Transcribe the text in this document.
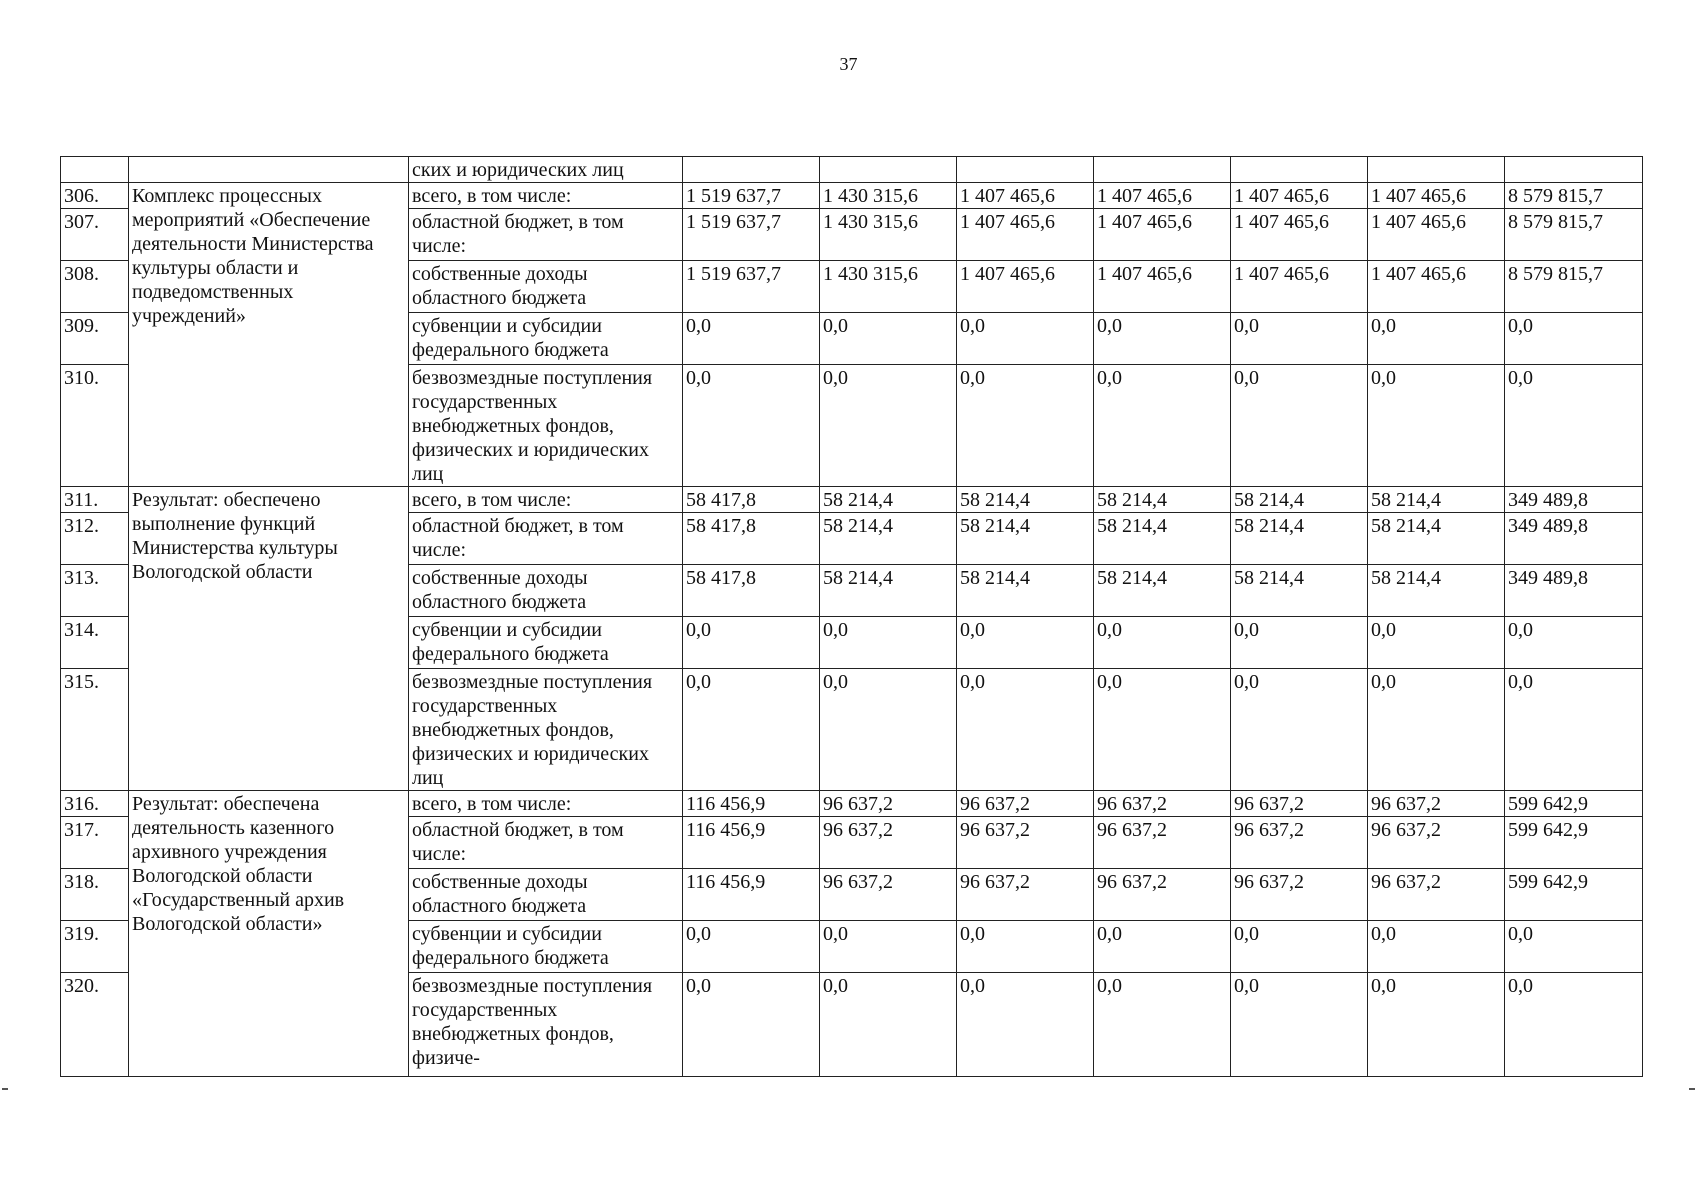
37
		ских и юридических лиц							
306.	Комплекс процессных мероприятий «Обеспечение деятельности Министерства культуры области и подведомственных учреждений»	всего, в том числе:	1 519 637,7	1 430 315,6	1 407 465,6	1 407 465,6	1 407 465,6	1 407 465,6	8 579 815,7
307.		областной бюджет, в том числе:	1 519 637,7	1 430 315,6	1 407 465,6	1 407 465,6	1 407 465,6	1 407 465,6	8 579 815,7
308.		собственные доходы областного бюджета	1 519 637,7	1 430 315,6	1 407 465,6	1 407 465,6	1 407 465,6	1 407 465,6	8 579 815,7
309.		субвенции и субсидии федерального бюджета	0,0	0,0	0,0	0,0	0,0	0,0	0,0
310.		безвозмездные поступления государственных внебюджетных фондов, физических и юридических лиц	0,0	0,0	0,0	0,0	0,0	0,0	0,0
311.	Результат: обеспечено выполнение функций Министерства культуры Вологодской области	всего, в том числе:	58 417,8	58 214,4	58 214,4	58 214,4	58 214,4	58 214,4	349 489,8
312.		областной бюджет, в том числе:	58 417,8	58 214,4	58 214,4	58 214,4	58 214,4	58 214,4	349 489,8
313.		собственные доходы областного бюджета	58 417,8	58 214,4	58 214,4	58 214,4	58 214,4	58 214,4	349 489,8
314.		субвенции и субсидии федерального бюджета	0,0	0,0	0,0	0,0	0,0	0,0	0,0
315.		безвозмездные поступления государственных внебюджетных фондов, физических и юридических лиц	0,0	0,0	0,0	0,0	0,0	0,0	0,0
316.	Результат: обеспечена деятельность казенного архивного учреждения Вологодской области «Государственный архив Вологодской области»	всего, в том числе:	116 456,9	96 637,2	96 637,2	96 637,2	96 637,2	96 637,2	599 642,9
317.		областной бюджет, в том числе:	116 456,9	96 637,2	96 637,2	96 637,2	96 637,2	96 637,2	599 642,9
318.		собственные доходы областного бюджета	116 456,9	96 637,2	96 637,2	96 637,2	96 637,2	96 637,2	599 642,9
319.		субвенции и субсидии федерального бюджета	0,0	0,0	0,0	0,0	0,0	0,0	0,0
320.		безвозмездные поступления государственных внебюджетных фондов, физиче-	0,0	0,0	0,0	0,0	0,0	0,0	0,0
